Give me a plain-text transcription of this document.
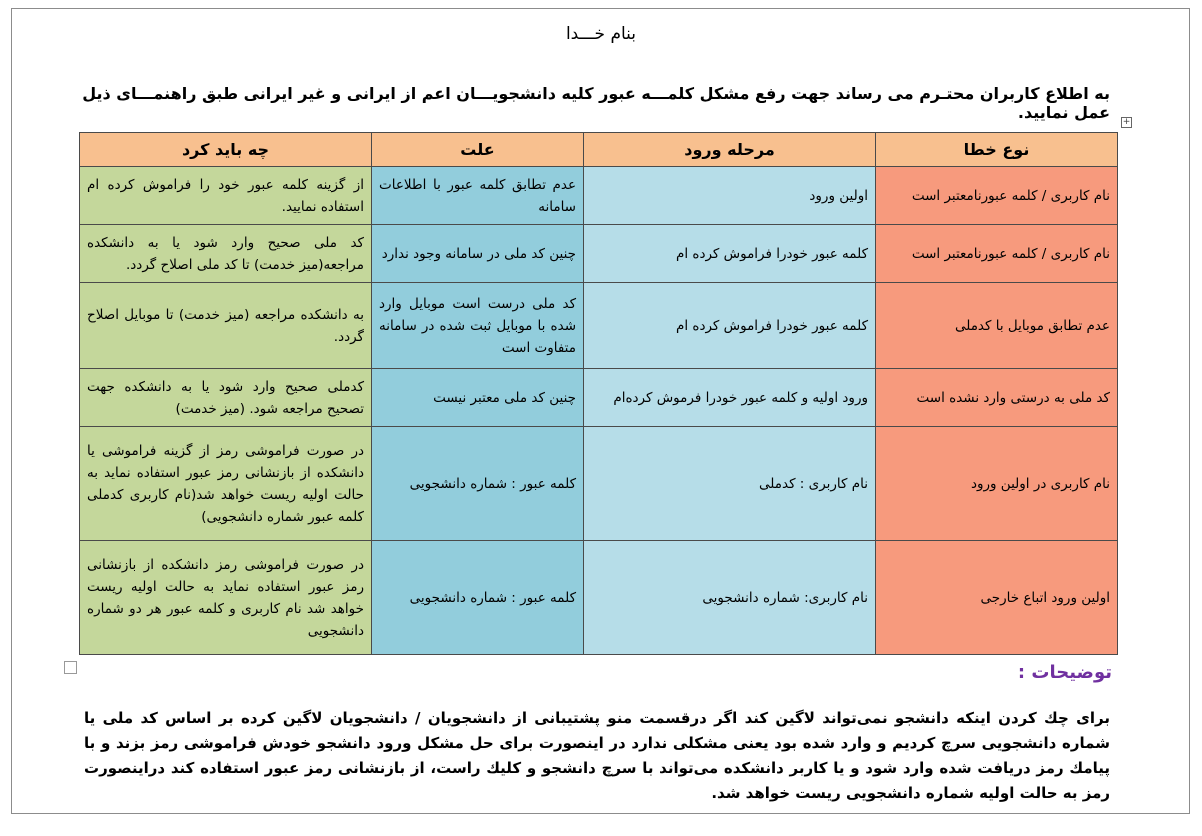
بنام خـــدا
به اطلاع کاربران محتـرم می رساند جهت رفع مشکل کلمـــه عبور کلیه دانشجویـــان اعم از ایرانی و غیر ایرانی طبق راهنمـــای ذیل عمل نمایید. +
نوع خطا	مرحله ورود	علت	چه باید کرد
نام کاربری / کلمه عبورنامعتبر است	اولین ورود	عدم تطابق کلمه عبور با اطلاعات سامانه	از گزینه کلمه عبور خود را فراموش کرده ام استفاده نمایید.
نام کاربری / کلمه عبورنامعتبر است	کلمه عبور خودرا فراموش کرده ام	چنین کد ملی در سامانه وجود ندارد	کد ملی صحیح وارد شود یا به دانشکده مراجعه(میز خدمت) تا کد ملی اصلاح گردد.
عدم تطابق موبایل با کدملی	کلمه عبور خودرا فراموش کرده ام	کد ملی درست است موبایل وارد شده با موبایل ثبت شده در سامانه متفاوت است	به دانشکده مراجعه (میز خدمت) تا موبایل اصلاح گردد.
کد ملی به درستی وارد نشده است	ورود اولیه و کلمه عبور خودرا فرموش کرده‌ام	چنین کد ملی معتبر نیست	کدملی صحیح وارد شود یا به دانشکده جهت تصحیح مراجعه شود. (میز خدمت)
نام کاربری در اولین ورود	نام کاربری : کدملی	کلمه عبور : شماره دانشجویی	در صورت فراموشی رمز از گزینه فراموشی یا دانشکده از بازنشانی رمز عبور استفاده نماید به حالت اولیه ریست خواهد شد(نام کاربری کدملی کلمه عبور شماره دانشجویی)
اولین ورود اتباع خارجی	نام کاربری: شماره دانشجویی	کلمه عبور : شماره دانشجویی	در صورت فراموشی رمز دانشکده از بازنشانی رمز عبور استفاده نماید به حالت اولیه ریست خواهد شد نام کاربری و کلمه عبور هر دو شماره دانشجویی
توضیحات :
برای چك كردن اینكه دانشجو نمی‌تواند لاگین كند اگر درقسمت منو پشتیبانی از دانشجویان / دانشجویان لاگین كرده بر اساس كد ملی یا شماره دانشجویی سرچ كردیم و وارد شده بود یعنی مشكلی ندارد در اینصورت برای حل مشكل ورود دانشجو خودش فراموشی رمز بزند و با پیامك رمز دریافت شده وارد شود و یا كاربر دانشكده می‌تواند با سرچ دانشجو و كلیك راست، از بازنشانی رمز عبور استفاده كند دراینصورت رمز به حالت اولیه شماره دانشجویی ریست خواهد شد.
